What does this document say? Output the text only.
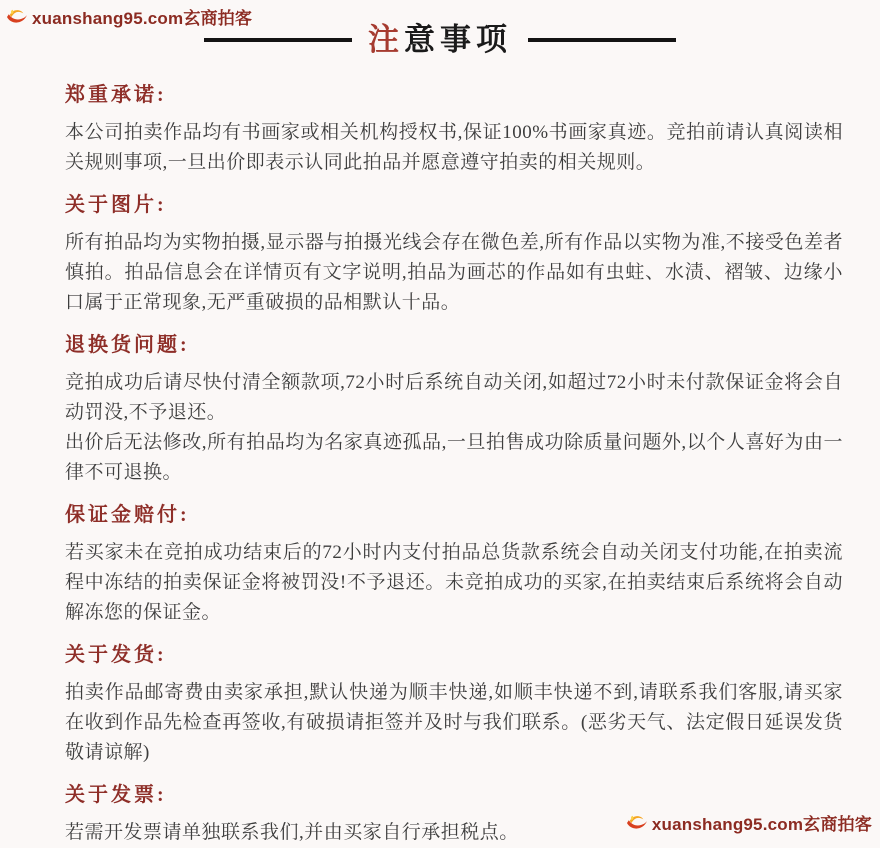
xuanshang95.com玄商拍客
注意事项
郑重承诺:

本公司拍卖作品均有书画家或相关机构授权书,保证100%书画家真迹。竞拍前请认真阅读相关规则事项,一旦出价即表示认同此拍品并愿意遵守拍卖的相关规则。

关于图片:

所有拍品均为实物拍摄,显示器与拍摄光线会存在微色差,所有作品以实物为准,不接受色差者慎拍。拍品信息会在详情页有文字说明,拍品为画芯的作品如有虫蛀、水渍、褶皱、边缘小口属于正常现象,无严重破损的品相默认十品。

退换货问题:

竞拍成功后请尽快付清全额款项,72小时后系统自动关闭,如超过72小时未付款保证金将会自动罚没,不予退还。

出价后无法修改,所有拍品均为名家真迹孤品,一旦拍售成功除质量问题外,以个人喜好为由一律不可退换。

保证金赔付:

若买家未在竞拍成功结束后的72小时内支付拍品总货款系统会自动关闭支付功能,在拍卖流程中冻结的拍卖保证金将被罚没!不予退还。未竞拍成功的买家,在拍卖结束后系统将会自动解冻您的保证金。

关于发货:

拍卖作品邮寄费由卖家承担,默认快递为顺丰快递,如顺丰快递不到,请联系我们客服,请买家在收到作品先检查再签收,有破损请拒签并及时与我们联系。(恶劣天气、法定假日延误发货敬请谅解)

关于发票:

若需开发票请单独联系我们,并由买家自行承担税点。	xuanshang95.com玄商拍客
